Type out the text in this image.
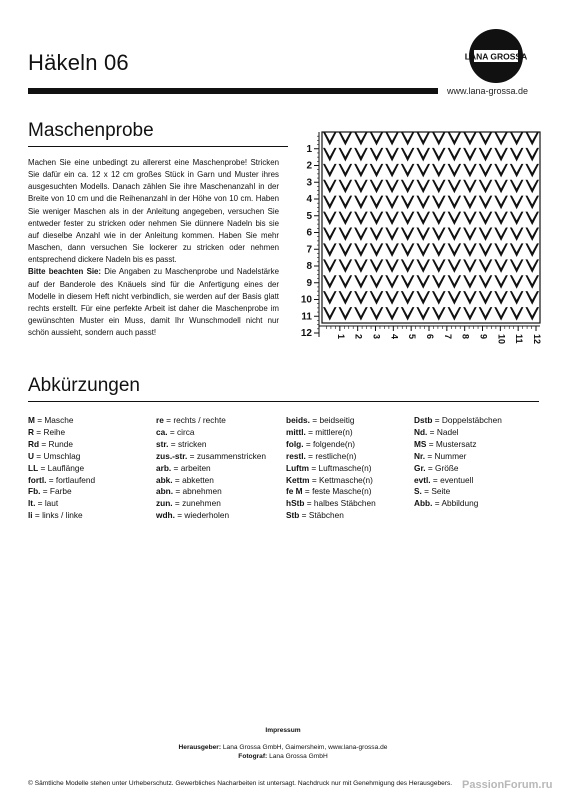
Häkeln 06	LANA GROSSA
www.lana-grossa.de
Maschenprobe
Machen Sie eine unbedingt zu allererst eine Maschenprobe! Stricken Sie dafür ein ca. 12 x 12 cm großes Stück in Garn und Muster ihres ausgesuchten Modells. Danach zählen Sie ihre Maschenanzahl in der Breite von 10 cm und die Reihenanzahl in der Höhe von 10 cm. Haben Sie weniger Maschen als in der Anleitung angegeben, versuchen Sie entweder fester zu stricken oder nehmen Sie dünnere Nadeln bis sie auf dieselbe Anzahl wie in der Anleitung kommen. Haben Sie mehr Maschen, dann versuchen Sie lockerer zu stricken oder nehmen entsprechend dickere Nadeln bis es passt.
Bitte beachten Sie: Die Angaben zu Maschenprobe und Nadelstärke auf der Banderole des Knäuels sind für die Anfertigung eines der Modelle in diesem Heft nicht verbindlich, sie werden auf der Basis glatt rechts erstellt. Für eine perfekte Arbeit ist daher die Maschenprobe im gewünschten Muster ein Muss, damit Ihr Wunschmodell nicht nur schön aussieht, sondern auch passt!
1
2
3
4
5
6
7
8
9
10
11
12	1 2 3 4 5 6 7 8 9 10 11 12
Abkürzungen
M = Masche
R = Reihe
Rd = Runde
U = Umschlag
LL = Lauflänge
fortl. = fortlaufend
Fb. = Farbe
lt. = laut
li = links / linke
re = rechts / rechte
ca. = circa
str. = stricken
zus.-str. = zusammenstricken
arb. = arbeiten
abk. = abketten
abn. = abnehmen
zun. = zunehmen
wdh. = wiederholen
beids. = beidseitig
mittl. = mittlere(n)
folg. = folgende(n)
restl. = restliche(n)
Luftm = Luftmasche(n)
Kettm = Kettmasche(n)
fe M = feste Masche(n)
hStb = halbes Stäbchen
Stb = Stäbchen
Dstb = Doppelstäbchen
Nd. = Nadel
MS = Mustersatz
Nr. = Nummer
Gr. = Größe
evtl. = eventuell
S. = Seite
Abb. = Abbildung
Impressum
Herausgeber: Lana Grossa GmbH, Gaimersheim, www.lana-grossa.de
Fotograf: Lana Grossa GmbH
© Sämtliche Modelle stehen unter Urheberschutz. Gewerbliches Nacharbeiten ist untersagt. Nachdruck nur mit Genehmigung des Herausgebers. PassionForum.ru
